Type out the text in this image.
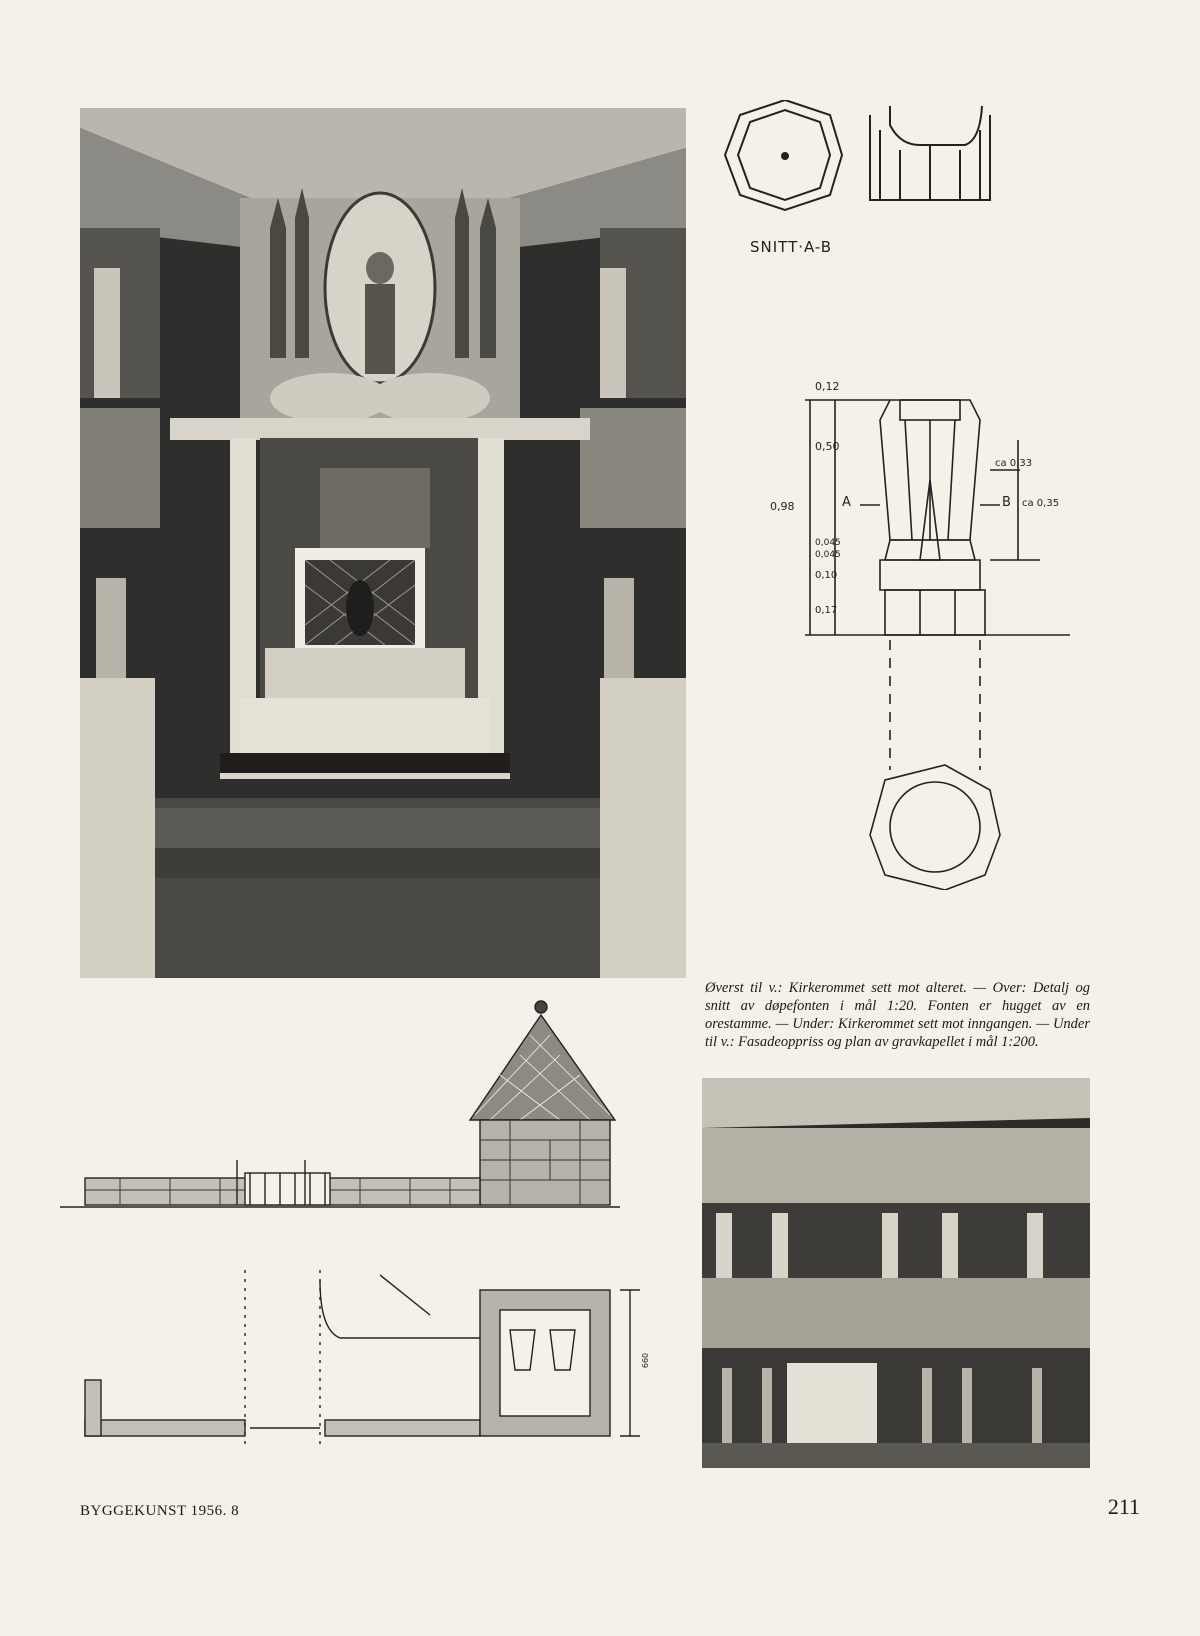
SNITT·A-B
0,12
0,50
0,98
0,045
0,045
0,10
0,17
ca 0,33
ca 0,35
A	B

Øverst til v.: Kirkerommet sett mot alteret. — Over: Detalj og snitt av døpefonten i mål 1:20. Fonten er hugget av en orestamme. — Under: Kirkerommet sett mot inngangen. — Under til v.: Fasadeoppriss og plan av gravkapellet i mål 1:200.

660
BYGGEKUNST 1956. 8	211
